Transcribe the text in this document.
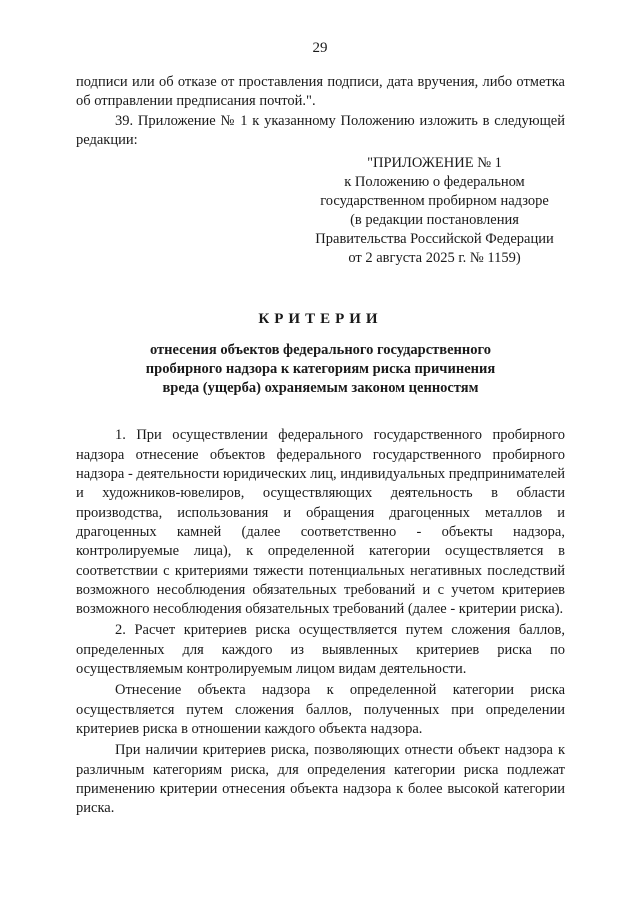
29

подписи или об отказе от проставления подписи, дата вручения, либо отметка об отправлении предписания почтой.".

39. Приложение № 1 к указанному Положению изложить в следующей редакции:

"ПРИЛОЖЕНИЕ № 1
к Положению о федеральном
государственном пробирном надзоре
(в редакции постановления
Правительства Российской Федерации
от 2 августа 2025 г. № 1159)
КРИТЕРИИ
отнесения объектов федерального государственного
пробирного надзора к категориям риска причинения
вреда (ущерба) охраняемым законом ценностям

1. При осуществлении федерального государственного пробирного надзора отнесение объектов федерального государственного пробирного надзора - деятельности юридических лиц, индивидуальных предпринимателей и художников-ювелиров, осуществляющих деятельность в области производства, использования и обращения драгоценных металлов и драгоценных камней (далее соответственно - объекты надзора, контролируемые лица), к определенной категории осуществляется в соответствии с критериями тяжести потенциальных негативных последствий возможного несоблюдения обязательных требований и с учетом критериев возможного несоблюдения обязательных требований (далее - критерии риска).

2. Расчет критериев риска осуществляется путем сложения баллов, определенных для каждого из выявленных критериев риска по осуществляемым контролируемым лицом видам деятельности.

Отнесение объекта надзора к определенной категории риска осуществляется путем сложения баллов, полученных при определении критериев риска в отношении каждого объекта надзора.

При наличии критериев риска, позволяющих отнести объект надзора к различным категориям риска, для определения категории риска подлежат применению критерии отнесения объекта надзора к более высокой категории риска.
